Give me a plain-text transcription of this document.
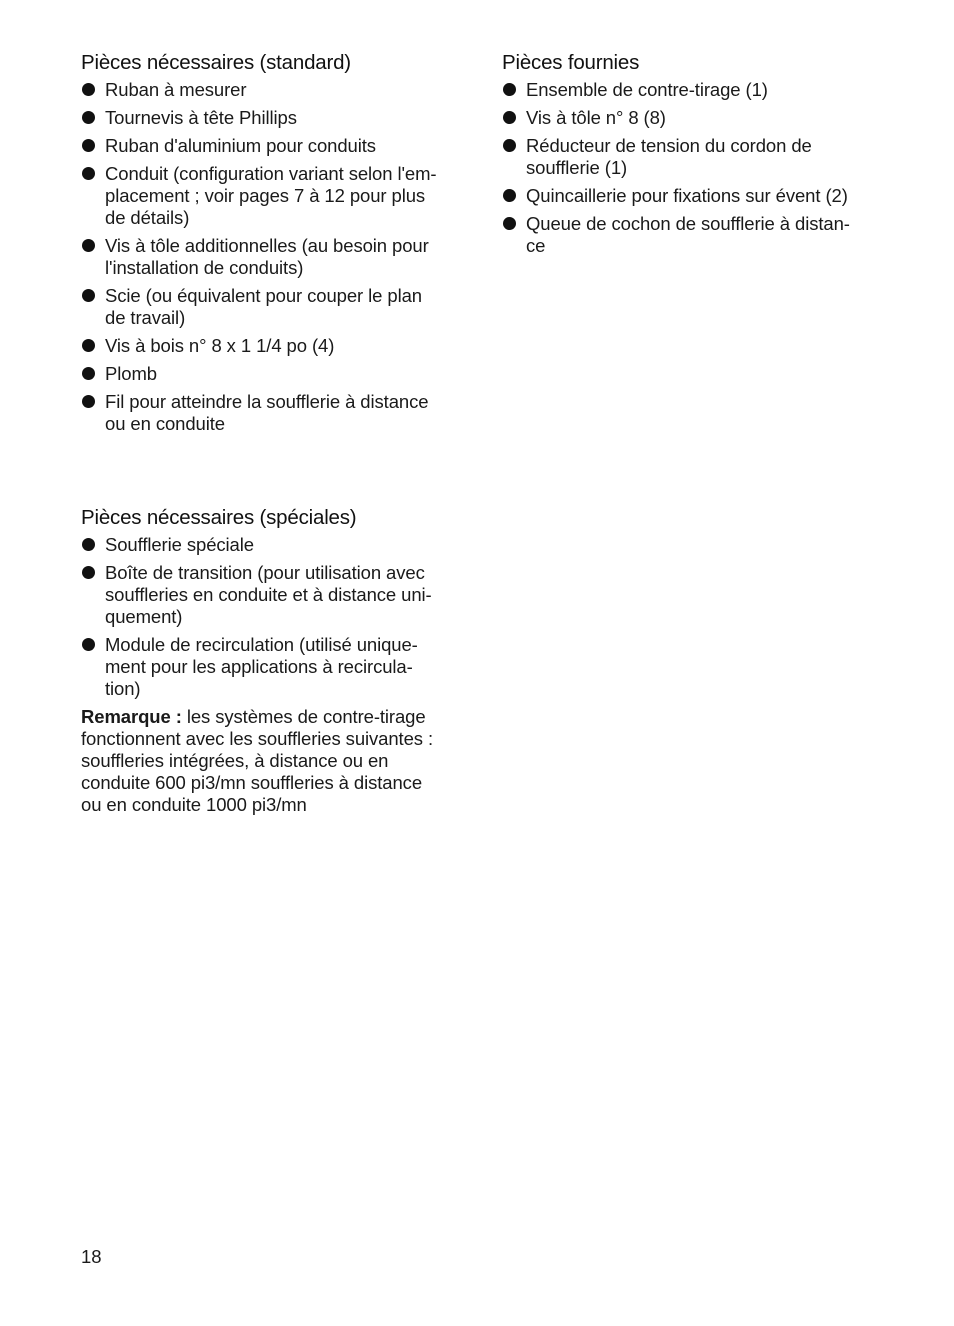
Pièces nécessaires (standard)
Ruban à mesurer
Tournevis à tête Phillips
Ruban d'aluminium pour conduits
Conduit (configuration variant selon l'em-
placement ; voir pages 7 à 12 pour plus
de détails)
Vis à tôle additionnelles (au besoin pour
l'installation de conduits)
Scie (ou équivalent pour couper le plan
de travail)
Vis à bois n° 8 x 1 1/4 po (4)
Plomb
Fil pour atteindre la soufflerie à distance
ou en conduite
Pièces nécessaires (spéciales)
Soufflerie spéciale
Boîte de transition (pour utilisation avec
souffleries en conduite et à distance uni-
quement)
Module de recirculation (utilisé unique-
ment pour les applications à recircula-
tion)

Remarque : les systèmes de contre-tirage
fonctionnent avec les souffleries suivantes :
souffleries intégrées, à distance ou en
conduite 600 pi3/mn souffleries à distance
ou en conduite 1000 pi3/mn

Pièces fournies
Ensemble de contre-tirage (1)
Vis à tôle n° 8 (8)
Réducteur de tension du cordon de
soufflerie (1)
Quincaillerie pour fixations sur évent (2)
Queue de cochon de soufflerie à distan-
ce
18
